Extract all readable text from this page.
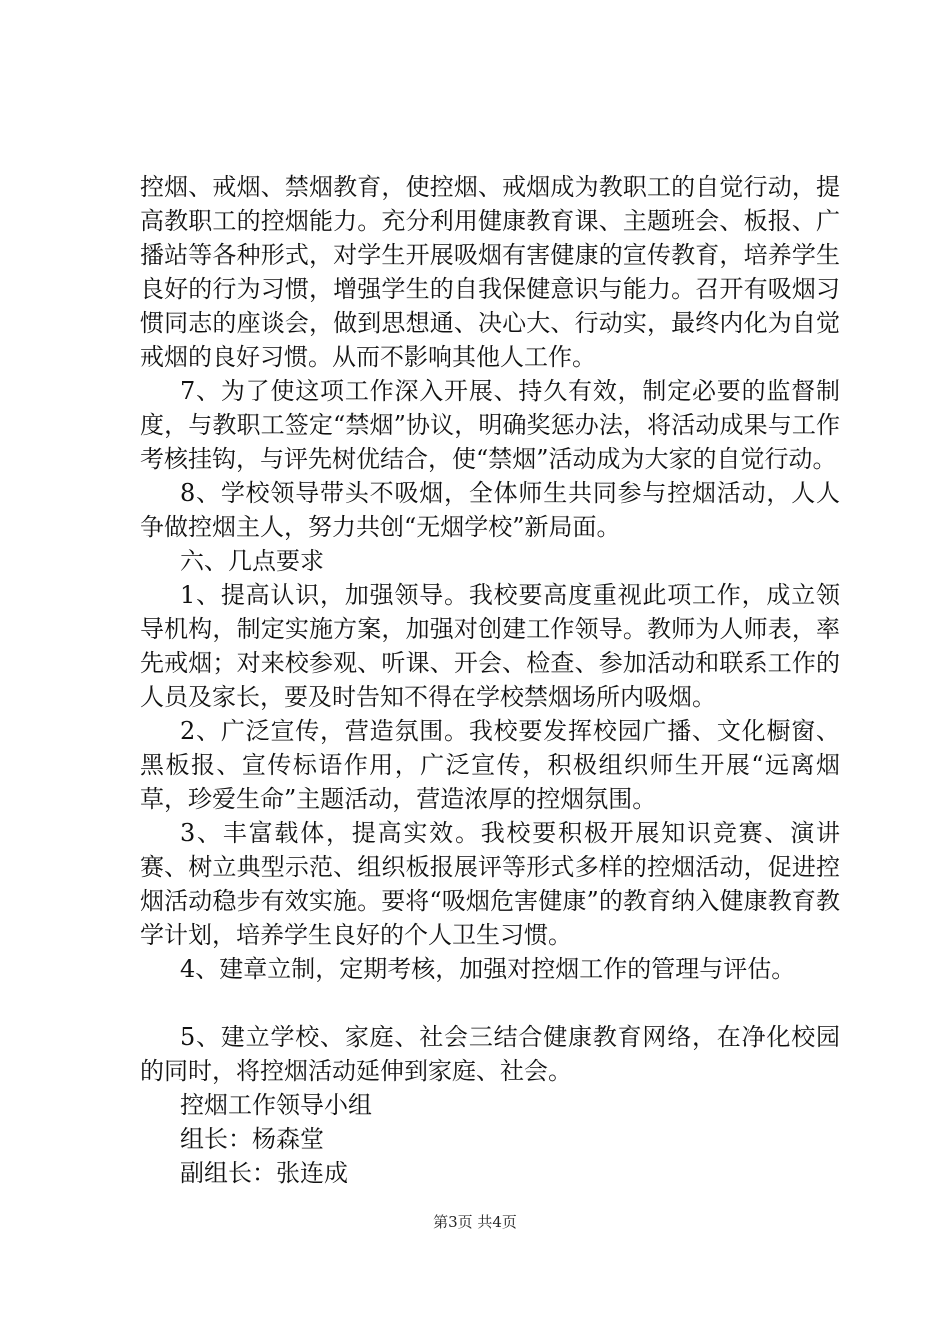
控烟、戒烟、禁烟教育，使控烟、戒烟成为教职工的自觉行动，提高教职工的控烟能力。充分利用健康教育课、主题班会、板报、广播站等各种形式，对学生开展吸烟有害健康的宣传教育，培养学生良好的行为习惯，增强学生的自我保健意识与能力。召开有吸烟习惯同志的座谈会，做到思想通、决心大、行动实，最终内化为自觉戒烟的良好习惯。从而不影响其他人工作。

7、为了使这项工作深入开展、持久有效，制定必要的监督制度，与教职工签定“禁烟”协议，明确奖惩办法，将活动成果与工作考核挂钩，与评先树优结合，使“禁烟”活动成为大家的自觉行动。

8、学校领导带头不吸烟，全体师生共同参与控烟活动，人人争做控烟主人，努力共创“无烟学校”新局面。

六、几点要求

1、提高认识，加强领导。我校要高度重视此项工作，成立领导机构，制定实施方案，加强对创建工作领导。教师为人师表，率先戒烟；对来校参观、听课、开会、检查、参加活动和联系工作的人员及家长，要及时告知不得在学校禁烟场所内吸烟。

2、广泛宣传，营造氛围。我校要发挥校园广播、文化橱窗、黑板报、宣传标语作用，广泛宣传，积极组织师生开展“远离烟草，珍爱生命”主题活动，营造浓厚的控烟氛围。

3、丰富载体，提高实效。我校要积极开展知识竞赛、演讲赛、树立典型示范、组织板报展评等形式多样的控烟活动，促进控烟活动稳步有效实施。要将“吸烟危害健康”的教育纳入健康教育教学计划，培养学生良好的个人卫生习惯。

4、建章立制，定期考核，加强对控烟工作的管理与评估。

5、建立学校、家庭、社会三结合健康教育网络，在净化校园的同时，将控烟活动延伸到家庭、社会。

控烟工作领导小组

组长：杨森堂

副组长：张连成

第3页 共4页
